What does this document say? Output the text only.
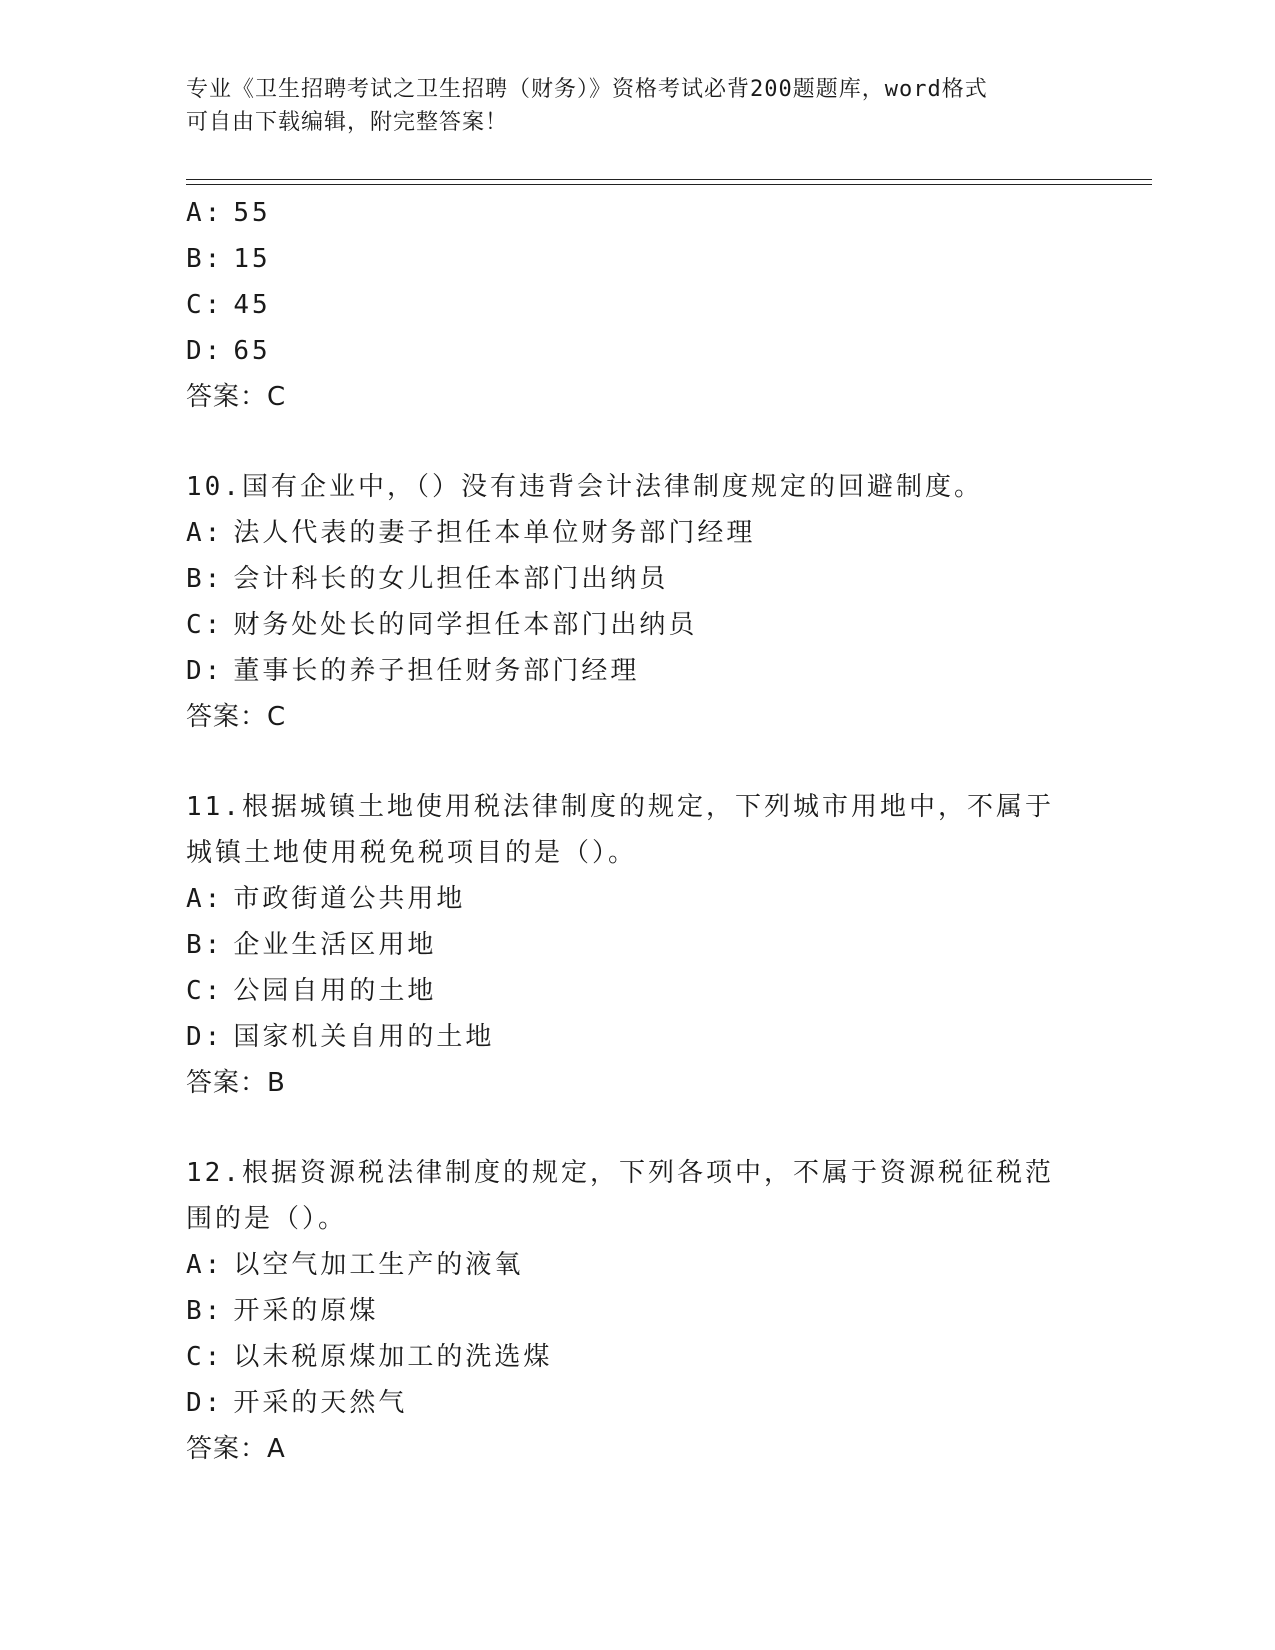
专业《卫生招聘考试之卫生招聘（财务）》资格考试必背200题题库，word格式
可自由下载编辑，附完整答案！
A: 55
B: 15
C: 45
D: 65
答案：C
10.国有企业中，（）没有违背会计法律制度规定的回避制度。
A: 法人代表的妻子担任本单位财务部门经理
B: 会计科长的女儿担任本部门出纳员
C: 财务处处长的同学担任本部门出纳员
D: 董事长的养子担任财务部门经理
答案：C
11.根据城镇土地使用税法律制度的规定，下列城市用地中，不属于城镇土地使用税免税项目的是（）。
A: 市政街道公共用地
B: 企业生活区用地
C: 公园自用的土地
D: 国家机关自用的土地
答案：B
12.根据资源税法律制度的规定，下列各项中，不属于资源税征税范围的是（）。
A: 以空气加工生产的液氧
B: 开采的原煤
C: 以未税原煤加工的洗选煤
D: 开采的天然气
答案：A
